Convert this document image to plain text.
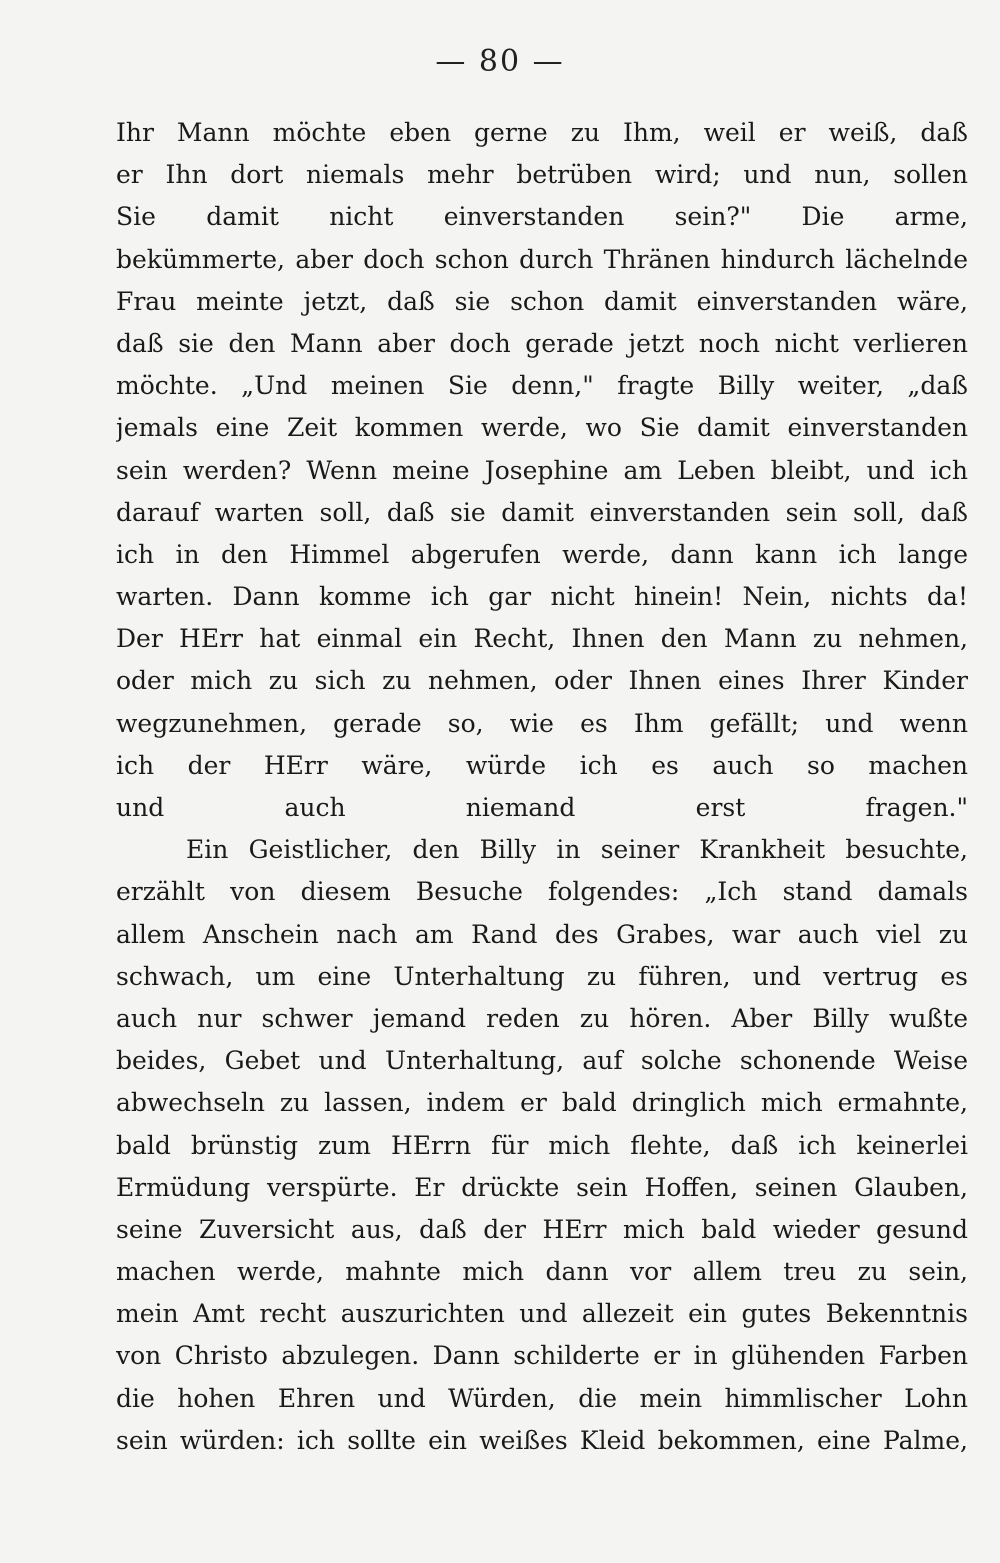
— 80 —
Ihr Mann möchte eben gerne zu Ihm, weil er weiß, daß
er Ihn dort niemals mehr betrüben wird; und nun, sollen
Sie damit nicht einverstanden sein?" Die arme,
bekümmerte, aber doch schon durch Thränen hindurch lächelnde
Frau meinte jetzt, daß sie schon damit einverstanden wäre,
daß sie den Mann aber doch gerade jetzt noch nicht verlieren
möchte. „Und meinen Sie denn," fragte Billy weiter, „daß
jemals eine Zeit kommen werde, wo Sie damit einverstanden
sein werden? Wenn meine Josephine am Leben bleibt, und ich
darauf warten soll, daß sie damit einverstanden sein soll, daß
ich in den Himmel abgerufen werde, dann kann ich lange
warten. Dann komme ich gar nicht hinein! Nein, nichts da!
Der HErr hat einmal ein Recht, Ihnen den Mann zu nehmen,
oder mich zu sich zu nehmen, oder Ihnen eines Ihrer Kinder
wegzunehmen, gerade so, wie es Ihm gefällt; und wenn
ich der HErr wäre, würde ich es auch so machen
und auch niemand erst fragen."
Ein Geistlicher, den Billy in seiner Krankheit besuchte,
erzählt von diesem Besuche folgendes: „Ich stand damals
allem Anschein nach am Rand des Grabes, war auch viel zu
schwach, um eine Unterhaltung zu führen, und vertrug es
auch nur schwer jemand reden zu hören. Aber Billy wußte
beides, Gebet und Unterhaltung, auf solche schonende Weise
abwechseln zu lassen, indem er bald dringlich mich ermahnte,
bald brünstig zum HErrn für mich flehte, daß ich keinerlei
Ermüdung verspürte. Er drückte sein Hoffen, seinen Glauben,
seine Zuversicht aus, daß der HErr mich bald wieder gesund
machen werde, mahnte mich dann vor allem treu zu sein,
mein Amt recht auszurichten und allezeit ein gutes Bekenntnis
von Christo abzulegen. Dann schilderte er in glühenden Farben
die hohen Ehren und Würden, die mein himmlischer Lohn
sein würden: ich sollte ein weißes Kleid bekommen, eine Palme,
